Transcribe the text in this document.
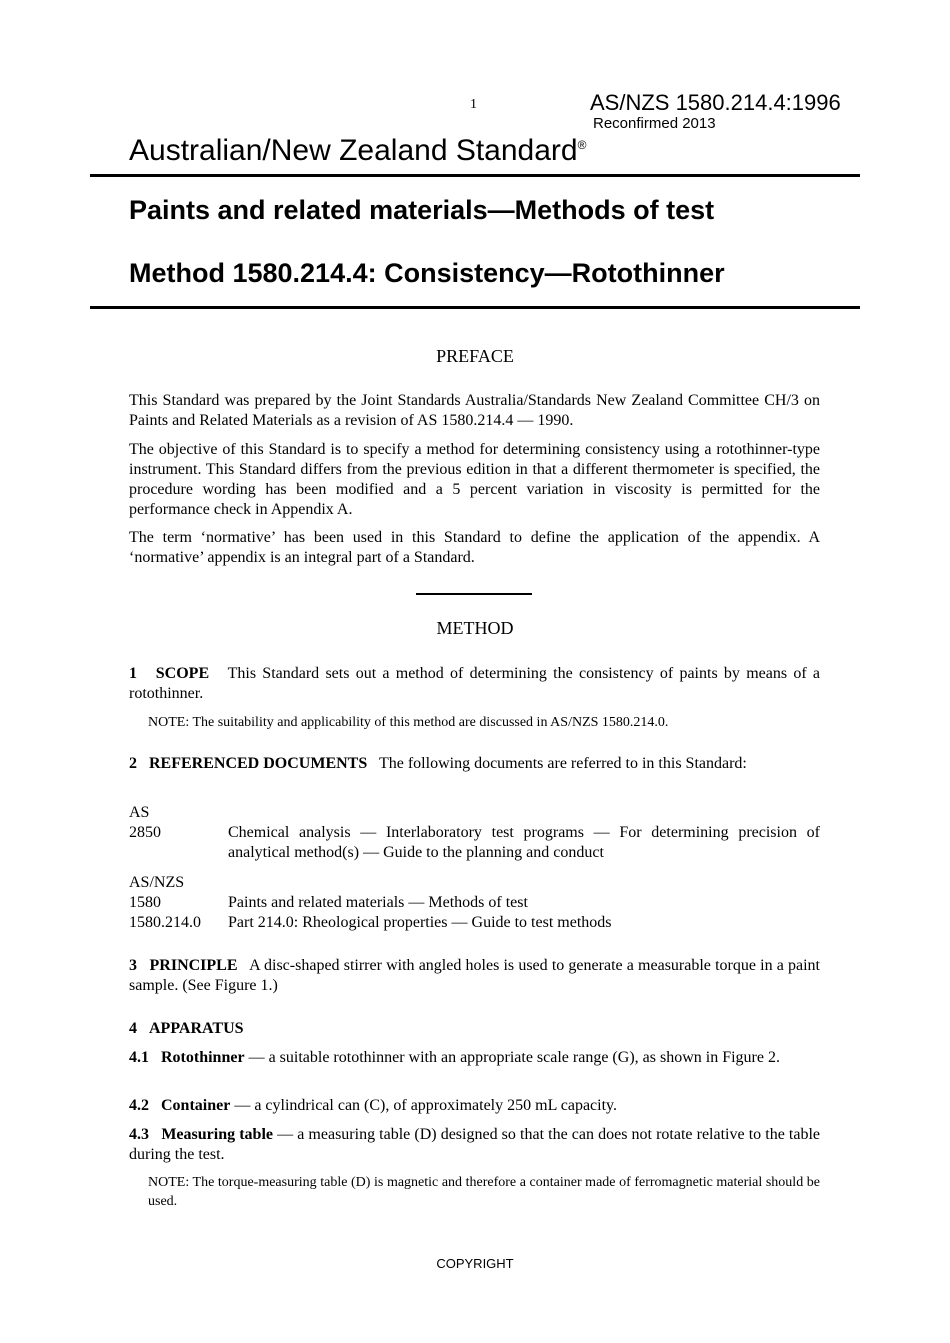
1	AS/NZS 1580.214.4:1996
Reconfirmed 2013
Australian/New Zealand Standard®
Paints and related materials—Methods of test
Method 1580.214.4: Consistency—Rotothinner
PREFACE
This Standard was prepared by the Joint Standards Australia/Standards New Zealand Committee CH/3 on Paints and Related Materials as a revision of AS 1580.214.4 — 1990.
The objective of this Standard is to specify a method for determining consistency using a rotothinner-type instrument. This Standard differs from the previous edition in that a different thermometer is specified, the procedure wording has been modified and a 5 percent variation in viscosity is permitted for the performance check in Appendix A.
The term ‘normative’ has been used in this Standard to define the application of the appendix. A ‘normative’ appendix is an integral part of a Standard.
METHOD
1 SCOPE This Standard sets out a method of determining the consistency of paints by means of a rotothinner.
NOTE: The suitability and applicability of this method are discussed in AS/NZS 1580.214.0.
2 REFERENCED DOCUMENTS The following documents are referred to in this Standard:
AS
2850	Chemical analysis — Interlaboratory test programs — For determining precision of analytical method(s) — Guide to the planning and conduct
AS/NZS
1580	Paints and related materials — Methods of test
1580.214.0 Part 214.0: Rheological properties — Guide to test methods
3 PRINCIPLE A disc-shaped stirrer with angled holes is used to generate a measurable torque in a paint sample. (See Figure 1.)
4 APPARATUS
4.1 Rotothinner — a suitable rotothinner with an appropriate scale range (G), as shown in Figure 2.
4.2 Container — a cylindrical can (C), of approximately 250 mL capacity.
4.3 Measuring table — a measuring table (D) designed so that the can does not rotate relative to the table during the test.
NOTE: The torque-measuring table (D) is magnetic and therefore a container made of ferromagnetic material should be used.
COPYRIGHT
